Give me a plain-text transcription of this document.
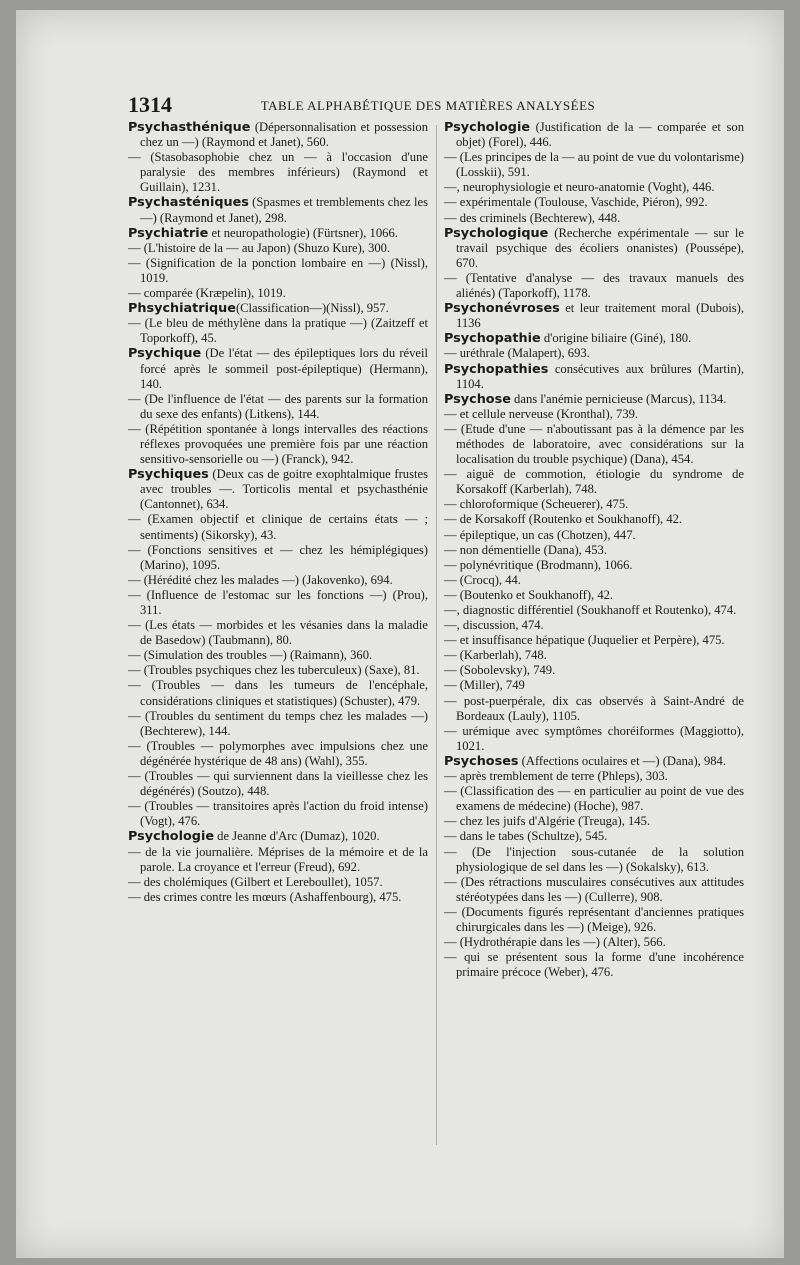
1314	TABLE ALPHABÉTIQUE DES MATIÈRES ANALYSÉES

Psychasthénique (Dépersonnalisation et possession chez un —) (Raymond et Janet), 560.

— (Stasobasophobie chez un — à l'occasion d'une paralysie des membres inférieurs) (Raymond et Guillain), 1231.

Psychasténiques (Spasmes et tremblements chez les —) (Raymond et Janet), 298.

Psychiatrie et neuropathologie) (Fürtsner), 1066.

— (L'histoire de la — au Japon) (Shuzo Kure), 300.

— (Signification de la ponction lombaire en —) (Nissl), 1019.

— comparée (Kræpelin), 1019.

Phsychiatrique(Classification—)(Nissl), 957.

— (Le bleu de méthylène dans la pratique —) (Zaitzeff et Toporkoff), 45.

Psychique (De l'état — des épileptiques lors du réveil forcé après le sommeil post-épileptique) (Hermann), 140.

— (De l'influence de l'état — des parents sur la formation du sexe des enfants) (Litkens), 144.

— (Répétition spontanée à longs intervalles des réactions réflexes provoquées une première fois par une réaction sensitivo-sensorielle ou —) (Franck), 942.

Psychiques (Deux cas de goitre exophtalmique frustes avec troubles —. Torticolis mental et psychasthénie (Cantonnet), 634.

— (Examen objectif et clinique de certains états — ; sentiments) (Sikorsky), 43.

— (Fonctions sensitives et — chez les hémiplégiques) (Marino), 1095.

— (Hérédité chez les malades —) (Jakovenko), 694.

— (Influence de l'estomac sur les fonctions —) (Prou), 311.

— (Les états — morbides et les vésanies dans la maladie de Basedow) (Taubmann), 80.

— (Simulation des troubles —) (Raimann), 360.

— (Troubles psychiques chez les tuberculeux) (Saxe), 81.

— (Troubles — dans les tumeurs de l'encéphale, considérations cliniques et statistiques) (Schuster), 479.

— (Troubles du sentiment du temps chez les malades —) (Bechterew), 144.

— (Troubles — polymorphes avec impulsions chez une dégénérée hystérique de 48 ans) (Wahl), 355.

— (Troubles — qui surviennent dans la vieillesse chez les dégénérés) (Soutzo), 448.

— (Troubles — transitoires après l'action du froid intense) (Vogt), 476.

Psychologie de Jeanne d'Arc (Dumaz), 1020.

— de la vie journalière. Méprises de la mémoire et de la parole. La croyance et l'erreur (Freud), 692.

— des cholémiques (Gilbert et Lereboullet), 1057.

— des crimes contre les mœurs (Ashaffenbourg), 475.

Psychologie (Justification de la — comparée et son objet) (Forel), 446.

— (Les principes de la — au point de vue du volontarisme) (Losskii), 591.

—, neurophysiologie et neuro-anatomie (Voght), 446.

— expérimentale (Toulouse, Vaschide, Piéron), 992.

— des criminels (Bechterew), 448.

Psychologique (Recherche expérimentale — sur le travail psychique des écoliers onanistes) (Poussépe), 670.

— (Tentative d'analyse — des travaux manuels des aliénés) (Taporkoff), 1178.

Psychonévroses et leur traitement moral (Dubois), 1136

Psychopathie d'origine biliaire (Giné), 180.

— uréthrale (Malapert), 693.

Psychopathies consécutives aux brûlures (Martin), 1104.

Psychose dans l'anémie pernicieuse (Marcus), 1134.

— et cellule nerveuse (Kronthal), 739.

— (Etude d'une — n'aboutissant pas à la démence par les méthodes de laboratoire, avec considérations sur la localisation du trouble psychique) (Dana), 454.

— aiguë de commotion, étiologie du syndrome de Korsakoff (Karberlah), 748.

— chloroformique (Scheuerer), 475.

— de Korsakoff (Routenko et Soukhanoff), 42.

— épileptique, un cas (Chotzen), 447.

— non démentielle (Dana), 453.

— polynévritique (Brodmann), 1066.

— (Crocq), 44.

— (Boutenko et Soukhanoff), 42.

—, diagnostic différentiel (Soukhanoff et Routenko), 474.

—, discussion, 474.

— et insuffisance hépatique (Juquelier et Perpère), 475.

— (Karberlah), 748.

— (Sobolevsky), 749.

— (Miller), 749

— post-puerpérale, dix cas observés à Saint-André de Bordeaux (Lauly), 1105.

— urémique avec symptômes choréiformes (Maggiotto), 1021.

Psychoses (Affections oculaires et —) (Dana), 984.

— après tremblement de terre (Phleps), 303.

— (Classification des — en particulier au point de vue des examens de médecine) (Hoche), 987.

— chez les juifs d'Algérie (Treuga), 145.

— dans le tabes (Schultze), 545.

— (De l'injection sous-cutanée de la solution physiologique de sel dans les —) (Sokalsky), 613.

— (Des rétractions musculaires consécutives aux attitudes stéréotypées dans les —) (Cullerre), 908.

— (Documents figurés représentant d'anciennes pratiques chirurgicales dans les —) (Meige), 926.

— (Hydrothérapie dans les —) (Alter), 566.

— qui se présentent sous la forme d'une incohérence primaire précoce (Weber), 476.
